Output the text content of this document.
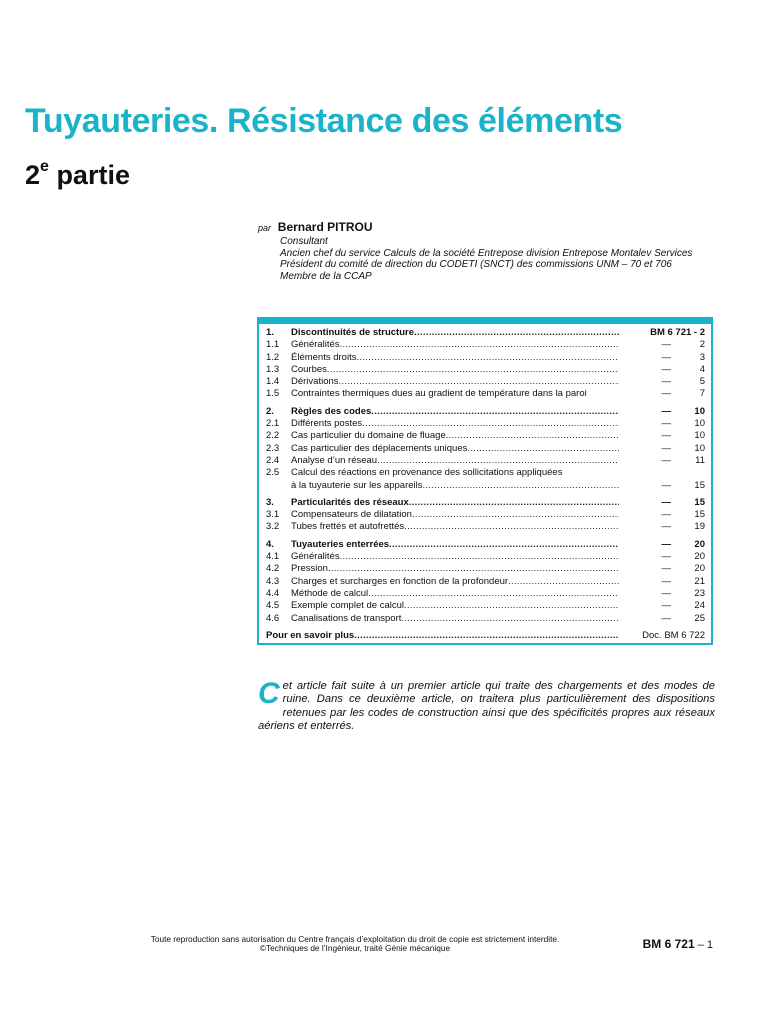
Tuyauteries. Résistance des éléments
2e partie
par Bernard PITROU
Consultant
Ancien chef du service Calculs de la société Entrepose division Entrepose Montalev Services
Président du comité de direction du CODETI (SNCT) des commissions UNM – 70 et 706
Membre de la CCAP
1.	Discontinuités de structure .....	BM 6 721 - 2
1.1	Généralités .....	—	2
1.2	Éléments droits .....	—	3
1.3	Courbes .....	—	4
1.4	Dérivations .....	—	5
1.5	Contraintes thermiques dues au gradient de température dans la paroi	—	7
2.	Règles des codes .....	—	10
2.1	Différents postes .....	—	10
2.2	Cas particulier du domaine de fluage .....	—	10
2.3	Cas particulier des déplacements uniques .....	—	10
2.4	Analyse d’un réseau .....	—	11
2.5	Calcul des réactions en provenance des sollicitations appliquées
à la tuyauterie sur les appareils .....	—	15
3.	Particularités des réseaux .....	—	15
3.1	Compensateurs de dilatation .....	—	15
3.2	Tubes frettés et autofrettés .....	—	19
4.	Tuyauteries enterrées .....	—	20
4.1	Généralités .....	—	20
4.2	Pression .....	—	20
4.3	Charges et surcharges en fonction de la profondeur .....	—	21
4.4	Méthode de calcul .....	—	23
4.5	Exemple complet de calcul .....	—	24
4.6	Canalisations de transport .....	—	25
Pour en savoir plus .....	Doc. BM 6 722
Cet article fait suite à un premier article qui traite des chargements et des modes de ruine. Dans ce deuxième article, on traitera plus particulièrement des dispositions retenues par les codes de construction ainsi que des spécificités propres aux réseaux aériens et enterrés.
Toute reproduction sans autorisation du Centre français d’exploitation du droit de copie est strictement interdite.
©Techniques de l’Ingénieur, traité Génie mécanique	BM 6 721 – 1
